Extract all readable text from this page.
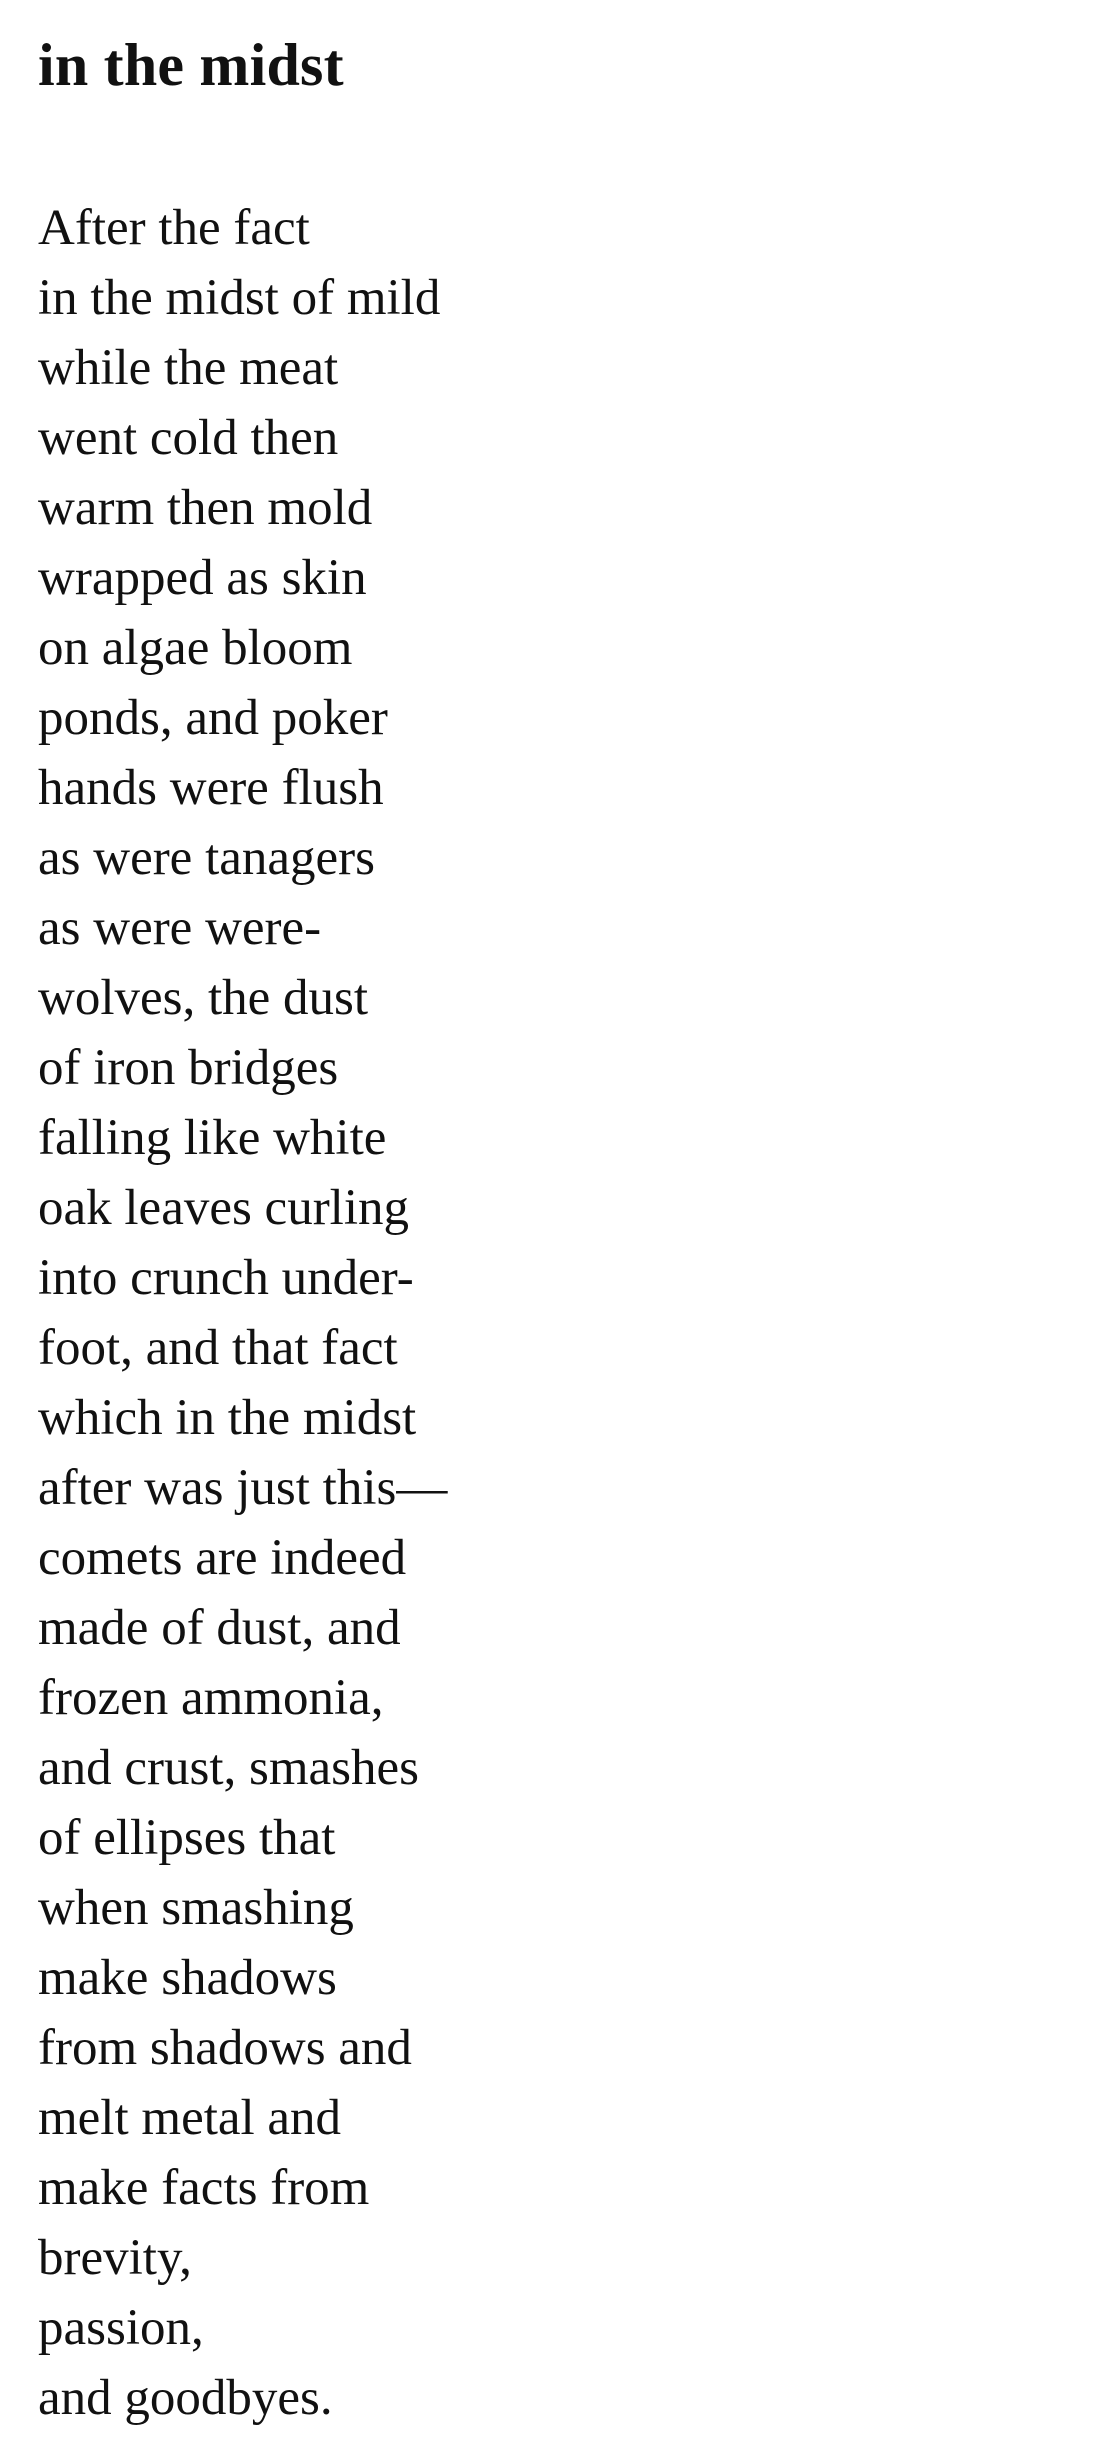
in the midst
After the fact
in the midst of mild
while the meat
went cold then
warm then mold
wrapped as skin
on algae bloom
ponds, and poker
hands were flush
as were tanagers
as were were-
wolves, the dust
of iron bridges
falling like white
oak leaves curling
into crunch under-
foot, and that fact
which in the midst
after was just this—
comets are indeed
made of dust, and
frozen ammonia,
and crust, smashes
of ellipses that
when smashing
make shadows
from shadows and
melt metal and
make facts from
brevity,
passion,
and goodbyes.
